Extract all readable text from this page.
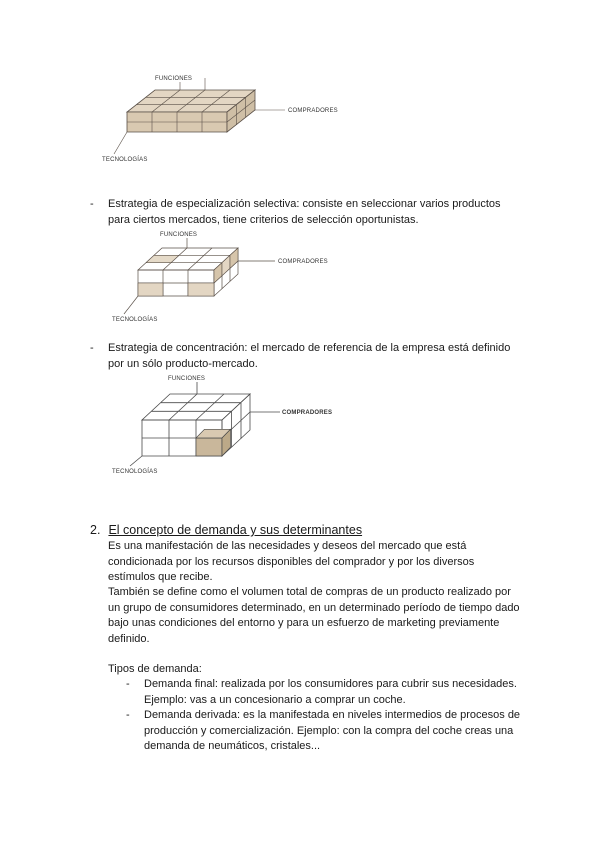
FUNCIONES
COMPRADORES
TECNOLOGÍAS
-	Estrategia de especialización selectiva: consiste en seleccionar varios productos
para ciertos mercados, tiene criterios de selección oportunistas.
FUNCIONES
COMPRADORES
TECNOLOGÍAS
-	Estrategia de concentración: el mercado de referencia de la empresa está definido
por un sólo producto-mercado.
FUNCIONES
COMPRADORES
TECNOLOGÍAS
2. El concepto de demanda y sus determinantes
Es una manifestación de las necesidades y deseos del mercado que está
condicionada por los recursos disponibles del comprador y por los diversos
estímulos que recibe.
También se define como el volumen total de compras de un producto realizado por
un grupo de consumidores determinado, en un determinado período de tiempo dado
bajo unas condiciones del entorno y para un esfuerzo de marketing previamente
definido.
Tipos de demanda:
-	Demanda final: realizada por los consumidores para cubrir sus necesidades.
Ejemplo: vas a un concesionario a comprar un coche.
-	Demanda derivada: es la manifestada en niveles intermedios de procesos de
producción y comercialización. Ejemplo: con la compra del coche creas una
demanda de neumáticos, cristales...
